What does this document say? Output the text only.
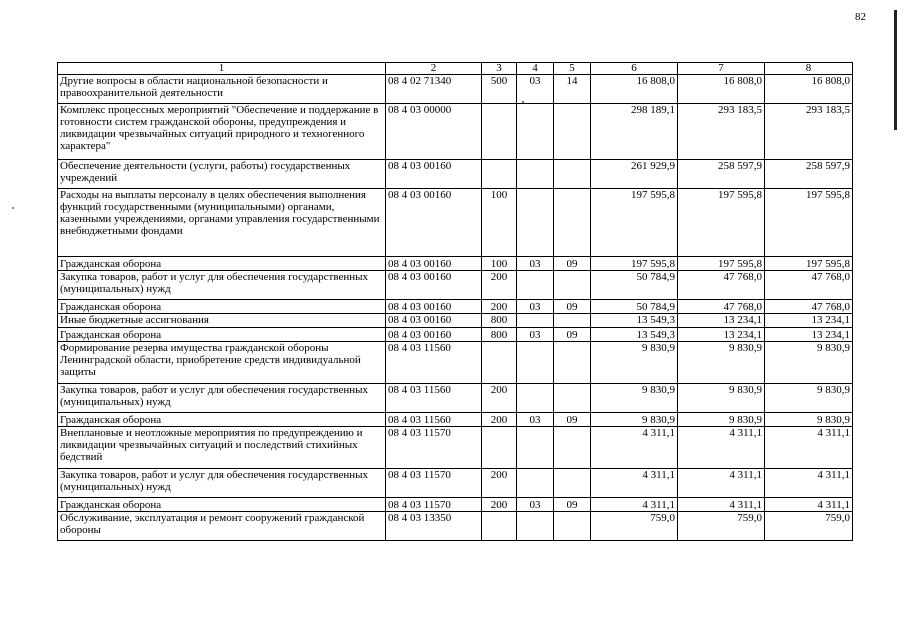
82
1	2	3	4	5	6	7	8
Другие вопросы в области национальной безопасности и правоохранительной деятельности	08 4 02 71340	500	03	14	16 808,0	16 808,0	16 808,0
Комплекс процессных мероприятий "Обеспечение и поддержание в готовности систем гражданской обороны, предупреждения и ликвидации чрезвычайных ситуаций природного и техногенного характера"	08 4 03 00000				298 189,1	293 183,5	293 183,5
Обеспечение деятельности (услуги, работы) государственных учреждений	08 4 03 00160				261 929,9	258 597,9	258 597,9
Расходы на выплаты персоналу в целях обеспечения выполнения функций государственными (муниципальными) органами, казенными учреждениями, органами управления государственными внебюджетными фондами	08 4 03 00160	100			197 595,8	197 595,8	197 595,8
Гражданская оборона	08 4 03 00160	100	03	09	197 595,8	197 595,8	197 595,8
Закупка товаров, работ и услуг для обеспечения государственных (муниципальных) нужд	08 4 03 00160	200			50 784,9	47 768,0	47 768,0
Гражданская оборона	08 4 03 00160	200	03	09	50 784,9	47 768,0	47 768,0
Иные бюджетные ассигнования	08 4 03 00160	800			13 549,3	13 234,1	13 234,1
Гражданская оборона	08 4 03 00160	800	03	09	13 549,3	13 234,1	13 234,1
Формирование резерва имущества гражданской обороны Ленинградской области, приобретение средств индивидуальной защиты	08 4 03 11560				9 830,9	9 830,9	9 830,9
Закупка товаров, работ и услуг для обеспечения государственных (муниципальных) нужд	08 4 03 11560	200			9 830,9	9 830,9	9 830,9
Гражданская оборона	08 4 03 11560	200	03	09	9 830,9	9 830,9	9 830,9
Внеплановые и неотложные мероприятия по предупреждению и ликвидации чрезвычайных ситуаций и последствий стихийных бедствий	08 4 03 11570				4 311,1	4 311,1	4 311,1
Закупка товаров, работ и услуг для обеспечения государственных (муниципальных) нужд	08 4 03 11570	200			4 311,1	4 311,1	4 311,1
Гражданская оборона	08 4 03 11570	200	03	09	4 311,1	4 311,1	4 311,1
Обслуживание, эксплуатация и ремонт сооружений гражданской обороны	08 4 03 13350				759,0	759,0	759,0
